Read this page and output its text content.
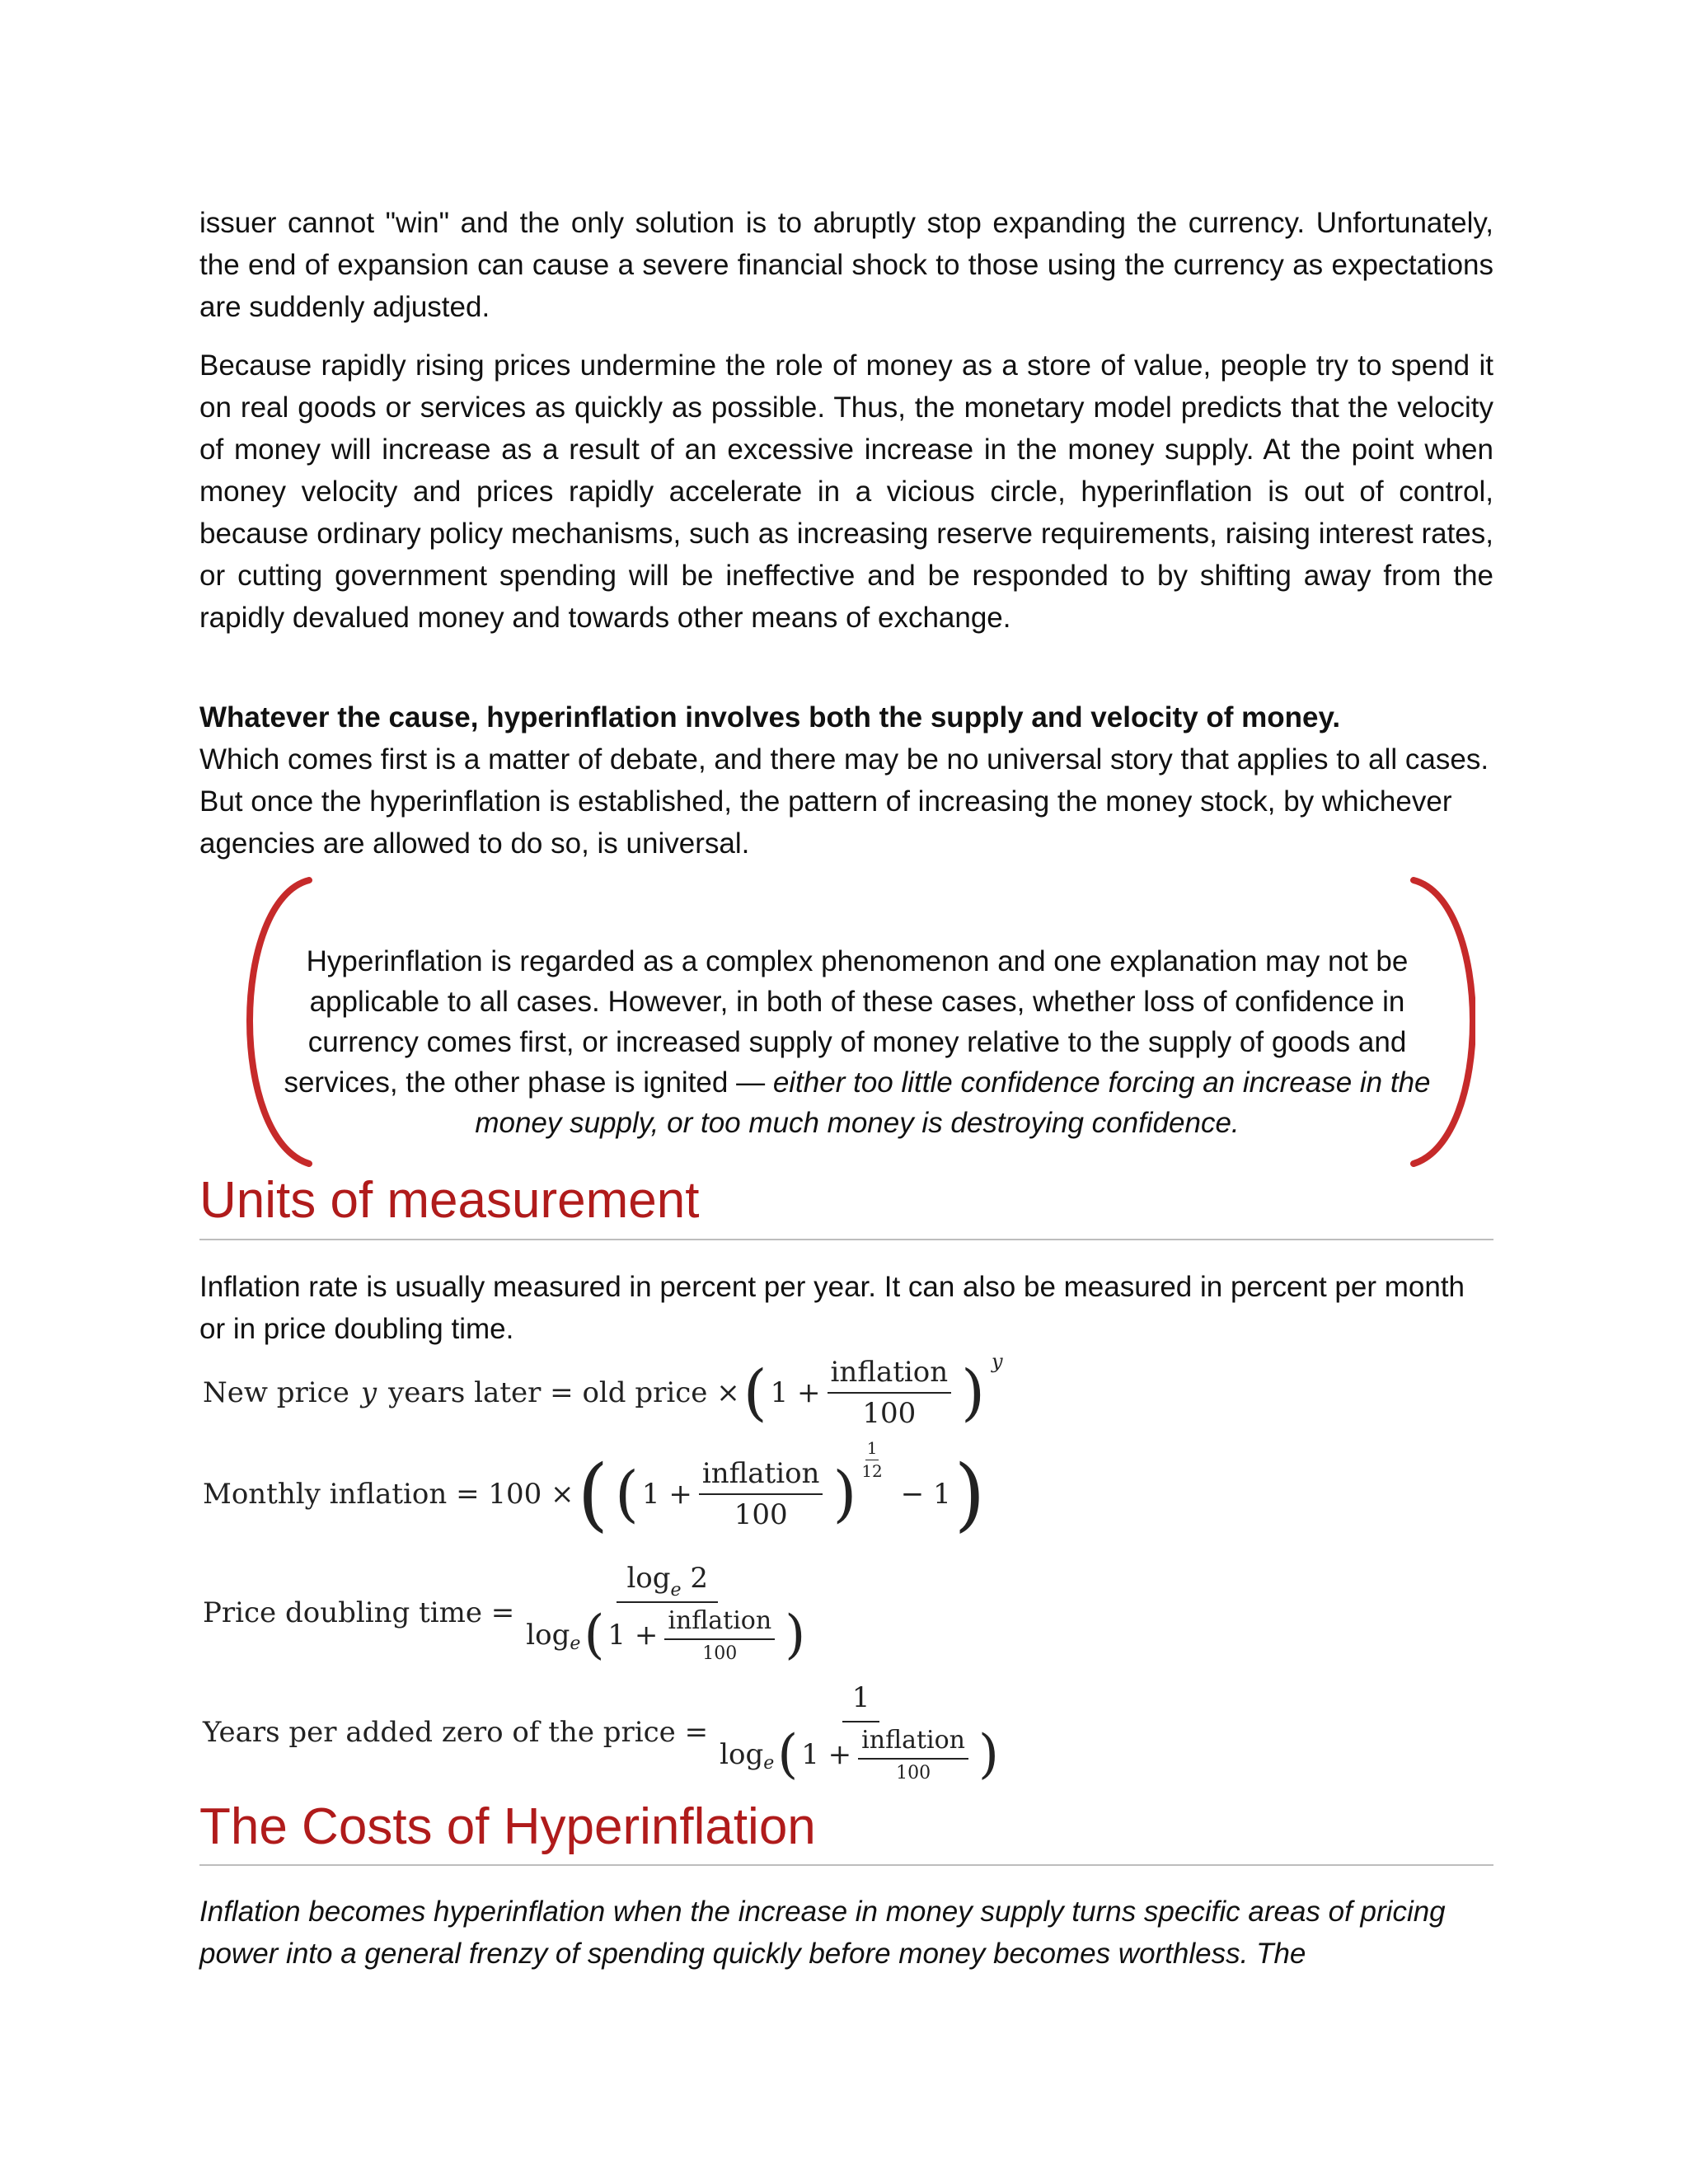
issuer cannot "win" and the only solution is to abruptly stop expanding the currency. Unfortunately, the end of expansion can cause a severe financial shock to those using the currency as expectations are suddenly adjusted.

Because rapidly rising prices undermine the role of money as a store of value, people try to spend it on real goods or services as quickly as possible. Thus, the monetary model predicts that the velocity of money will increase as a result of an excessive increase in the money supply. At the point when money velocity and prices rapidly accelerate in a vicious circle, hyperinflation is out of control, because ordinary policy mechanisms, such as increasing reserve requirements, raising interest rates, or cutting government spending will be ineffective and be responded to by shifting away from the rapidly devalued money and towards other means of exchange.

Whatever the cause, hyperinflation involves both the supply and velocity of money.
Which comes first is a matter of debate, and there may be no universal story that applies to all cases. But once the hyperinflation is established, the pattern of increasing the money stock, by whichever agencies are allowed to do so, is universal.

Units of measurement

Inflation rate is usually measured in percent per year. It can also be measured in percent per month or in price doubling time.

The Costs of Hyperinflation

Inflation becomes hyperinflation when the increase in money supply turns specific areas of pricing power into a general frenzy of spending quickly before money becomes worthless. The

Hyperinflation is regarded as a complex phenomenon and one explanation may not be applicable to all cases. However, in both of these cases, whether loss of confidence in currency comes first, or increased supply of money relative to the supply of goods and services, the other phase is ignited — either too little confidence forcing an increase in the money supply, or too much money is destroying confidence.

New price y years later = old price × ( $1 + \frac{\text{inflation}}{100}$ ) y
Monthly inflation = 100 × ( ( $1 + \frac{\text{inflation}}{100}$ ) $\frac{1}{12}$
− 1 )
Price doubling time =
$\log_e 2$
log e ( $1 + \frac{\text{inflation}}{100}$ )
Years per added zero of the price =
1
log e ( $1 + \frac{\text{inflation}}{100}$ )
